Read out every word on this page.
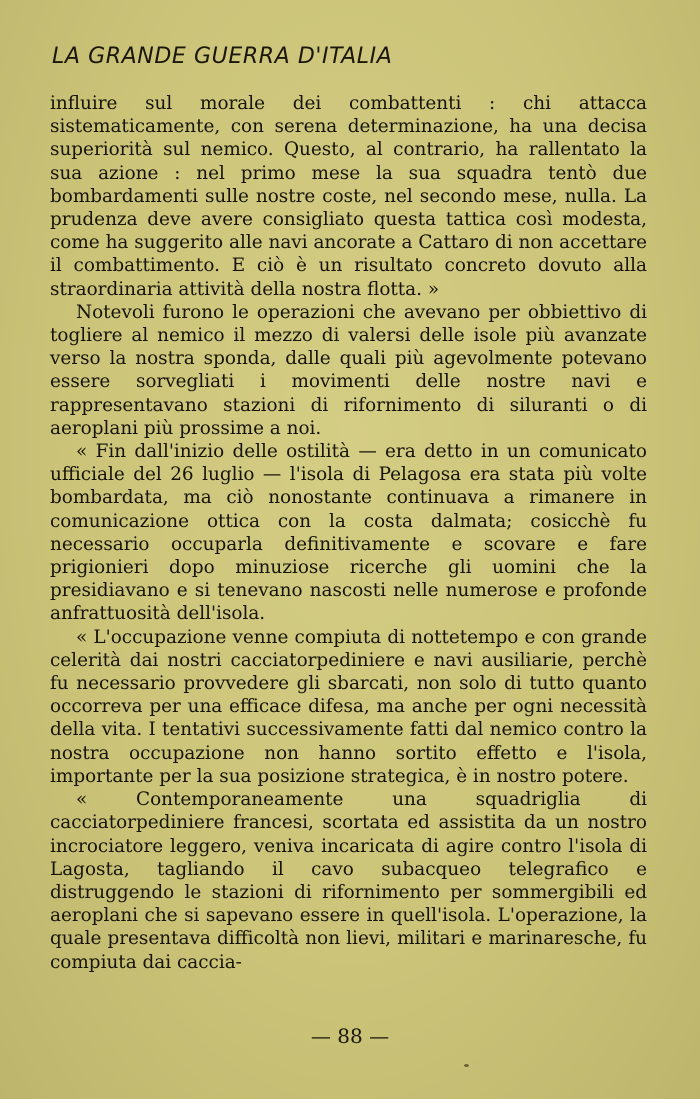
LA GRANDE GUERRA D'ITALIA

influire sul morale dei combattenti : chi attacca sistematicamente, con serena determinazione, ha una decisa superiorità sul nemico. Questo, al contrario, ha rallentato la sua azione : nel primo mese la sua squadra tentò due bombardamenti sulle nostre coste, nel secondo mese, nulla. La prudenza deve avere consigliato questa tattica così modesta, come ha suggerito alle navi ancorate a Cattaro di non accettare il combattimento. E ciò è un risultato concreto dovuto alla straordinaria attività della nostra flotta. »

Notevoli furono le operazioni che avevano per obbiettivo di togliere al nemico il mezzo di valersi delle isole più avanzate verso la nostra sponda, dalle quali più agevolmente potevano essere sorvegliati i movimenti delle nostre navi e rappresentavano stazioni di rifornimento di siluranti o di aeroplani più prossime a noi.

« Fin dall'inizio delle ostilità — era detto in un comunicato ufficiale del 26 luglio — l'isola di Pelagosa era stata più volte bombardata, ma ciò nonostante continuava a rimanere in comunicazione ottica con la costa dalmata; cosicchè fu necessario occuparla definitivamente e scovare e fare prigionieri dopo minuziose ricerche gli uomini che la presidiavano e si tenevano nascosti nelle numerose e profonde anfrattuosità dell'isola.

« L'occupazione venne compiuta di nottetempo e con grande celerità dai nostri cacciatorpediniere e navi ausiliarie, perchè fu necessario provvedere gli sbarcati, non solo di tutto quanto occorreva per una efficace difesa, ma anche per ogni necessità della vita. I tentativi successivamente fatti dal nemico contro la nostra occupazione non hanno sortito effetto e l'isola, importante per la sua posizione strategica, è in nostro potere.

« Contemporaneamente una squadriglia di cacciatorpediniere francesi, scortata ed assistita da un nostro incrociatore leggero, veniva incaricata di agire contro l'isola di Lagosta, tagliando il cavo subacqueo telegrafico e distruggendo le stazioni di rifornimento per sommergibili ed aeroplani che si sapevano essere in quell'isola. L'operazione, la quale presentava difficoltà non lievi, militari e marinaresche, fu compiuta dai caccia-

— 88 —
